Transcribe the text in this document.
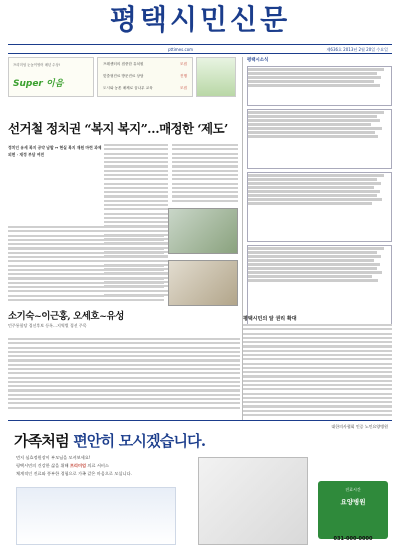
평택시민신문
pttimes.com	제636호 2013년 2월 20일 수요일
프리미엄 눈높이영어 매년 수상!
Super 이음
프레센터의 집중한 유치원	모집
맞춤형진료 방문진료 상담	진행
도시와 농촌 매체로 꿈나무 교육	모집
평택시소식
선거철 정치권 “복지 복지”…매정한 ‘제도’
정치인 유세 복지 공약 남발 ↔ 현실 복지 재원 마련 과제 외면 · 재정 부담 여전
소기숙~이근홍, 오세호~유성
민주통합당 경선후보 등록…지역별 경선 주목
평택시민의 알 권리 확대
대한의사협회 인증 노인요양병원
가족처럼 편안히 모시겠습니다.
먼저 심효정원장이 부모님을 모셔보세요!
평택시민의 건강한 삶을 위해 프리미엄 의료 서비스
체계적인 진료와 풍부한 경험으로 가족 같은 마음으로 모십니다.
진료시간
요양병원
031-000-0000
